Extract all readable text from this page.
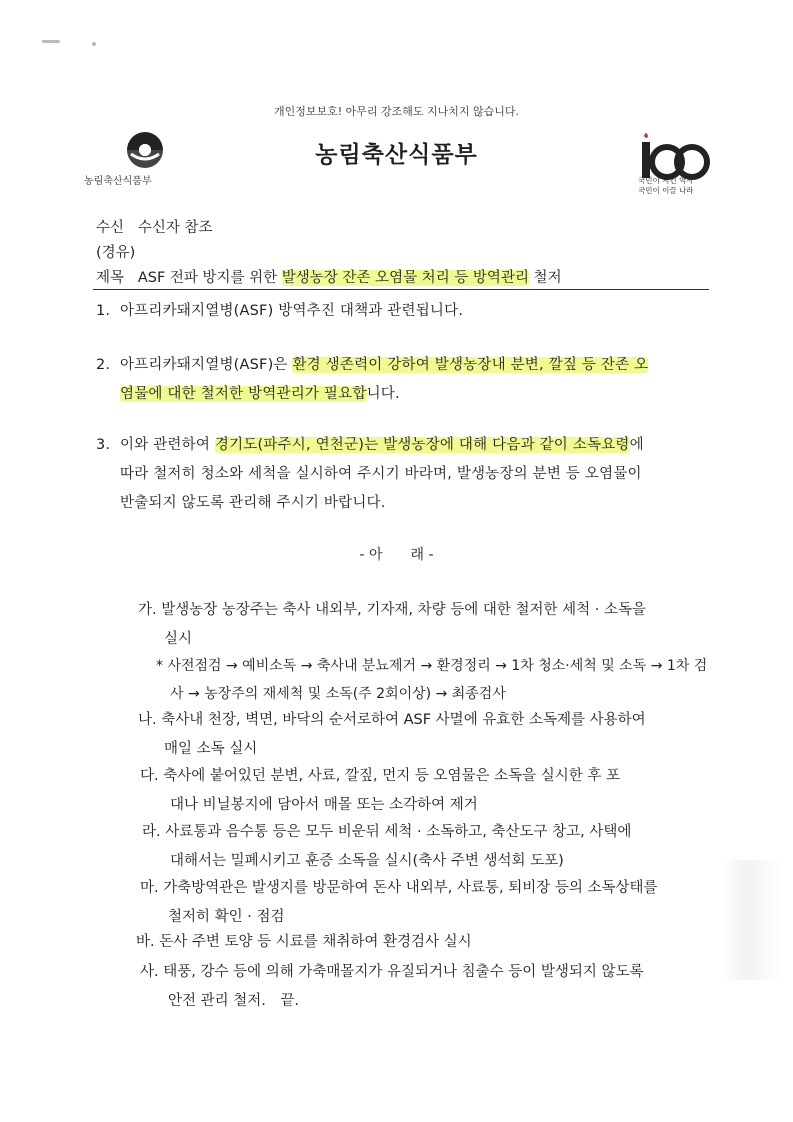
개인정보보호! 아무리 강조해도 지나치지 않습니다.
농림축산식품부
농림축산식품부
국민이 지킨 역사
국민이 이끌 나라
수신 수신자 참조
(경유)
제목 ASF 전파 방지를 위한 발생농장 잔존 오염물 처리 등 방역관리 철저
1. 아프리카돼지열병(ASF) 방역추진 대책과 관련됩니다.
2. 아프리카돼지열병(ASF)은 환경 생존력이 강하여 발생농장내 분변, 깔짚 등 잔존 오
염물에 대한 철저한 방역관리가 필요합니다.
3. 이와 관련하여 경기도(파주시, 연천군)는 발생농장에 대해 다음과 같이 소독요령에
따라 철저히 청소와 세척을 실시하여 주시기 바라며, 발생농장의 분변 등 오염물이
반출되지 않도록 관리해 주시기 바랍니다.
- 아　　래 -
가. 발생농장 농장주는 축사 내외부, 기자재, 차량 등에 대한 철저한 세척 · 소독을
실시
* 사전점검 → 예비소독 → 축사내 분뇨제거 → 환경정리 → 1차 청소·세척 및 소독 → 1차 검
사 → 농장주의 재세척 및 소독(주 2회이상) → 최종검사
나. 축사내 천장, 벽면, 바닥의 순서로하여 ASF 사멸에 유효한 소독제를 사용하여
매일 소독 실시
다. 축사에 붙어있던 분변, 사료, 깔짚, 먼지 등 오염물은 소독을 실시한 후 포
대나 비닐봉지에 담아서 매몰 또는 소각하여 제거
라. 사료통과 음수통 등은 모두 비운뒤 세척 · 소독하고, 축산도구 창고, 사택에
대해서는 밀폐시키고 훈증 소독을 실시(축사 주변 생석회 도포)
마. 가축방역관은 발생지를 방문하여 돈사 내외부, 사료통, 퇴비장 등의 소독상태를
철저히 확인 · 점검
바. 돈사 주변 토양 등 시료를 채취하여 환경검사 실시
사. 태풍, 강수 등에 의해 가축매몰지가 유질되거나 침출수 등이 발생되지 않도록
안전 관리 철저.　끝.
